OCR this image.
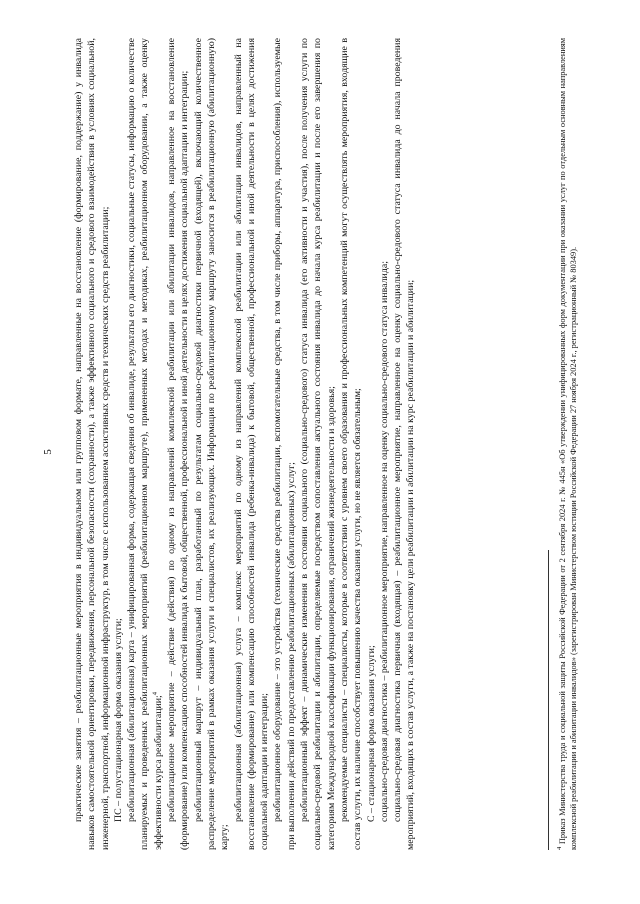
5 практические занятия – реабилитационные мероприятия в индивидуальном или групповом формате, направленные на восстановление (формирование, поддержание) у инвалида навыков самостоятельной ориентировки, передвижения, персональной безопасности (сохранности), а также эффективного социального и средового взаимодействия в условиях социальной, инженерной, транспортной, информационной инфраструктур, в том числе с использованием ассистивных средств и технических средств реабилитации; ПС – полустационарная форма оказания услуги; реабилитационная (абилитационная) карта – унифицированная форма, содержащая сведения об инвалиде, результаты его диагностики, социальные статусы, информацию о количестве планируемых и проведенных реабилитационных мероприятий (реабилитационном маршруте), примененных методах и методиках, реабилитационном оборудовании, а также оценку эффективности курса реабилитации;$^4$ реабилитационное мероприятие – действие (действия) по одному из направлений комплексной реабилитации или абилитации инвалидов, направленное на восстановление (формирование) или компенсацию способностей инвалида к бытовой, общественной, профессиональной и иной деятельности в целях достижения социальной адаптации и интеграции; реабилитационный маршрут – индивидуальный план, разработанный по результатам социально-средовой диагностики первичной (входящей), включающий количественное распределение мероприятий в рамках оказания услуги и специалистов, их реализующих. Информация по реабилитационному маршруту заносится в реабилитационную (абилитационную) карту;

реабилитационная (абилитационная) услуга – комплекс мероприятий по одному из направлений комплексной реабилитации или абилитации инвалидов, направленный на восстановление (формирование) или компенсацию способностей инвалида (ребенка-инвалида) к бытовой, общественной, профессиональной и иной деятельности в целях достижения социальной адаптации и интеграции; реабилитационное оборудование – это устройства (технические средства реабилитации, вспомогательные средства, в том числе приборы, аппаратура, приспособления), используемые при выполнении действий по предоставлению реабилитационных (абилитационных) услуг; реабилитационный эффект – динамические изменения в состоянии социального (социально-средового) статуса инвалида (его активности и участия), после получения услуги по социально-средовой реабилитации и абилитации, определяемые посредством сопоставления актуального состояния инвалида до начала курса реабилитации и после его завершения по категориям Международной классификации функционирования, ограничений жизнедеятельности и здоровья; рекомендуемые специалисты – специалисты, которые в соответствии с уровнем своего образования и профессиональных компетенций могут осуществлять мероприятия, входящие в состав услуги, их наличие способствует повышению качества оказания услуги, но не является обязательным; С – стационарная форма оказания услуги; социально-средовая диагностика – реабилитационное мероприятие, направленное на оценку социально-средового статуса инвалида; социально-средовая диагностика первичная (входящая) – реабилитационное мероприятие, направленное на оценку социально-средового статуса инвалида до начала проведения мероприятий, входящих в состав услуги, а также на постановку цели реабилитации и абилитации на курс реабилитации и абилитации;	$^4$ Приказ Министерства труда и социальной защиты Российской Федерации от 2 сентября 2024 г. № 445н «Об утверждении унифицированных форм документации при оказании услуг по отдельным основным направлениям комплексной реабилитации и абилитации инвалидов» (зарегистрирован Министерством юстиции Российской Федерации 27 ноября 2024 г., регистрационный № 80349).
